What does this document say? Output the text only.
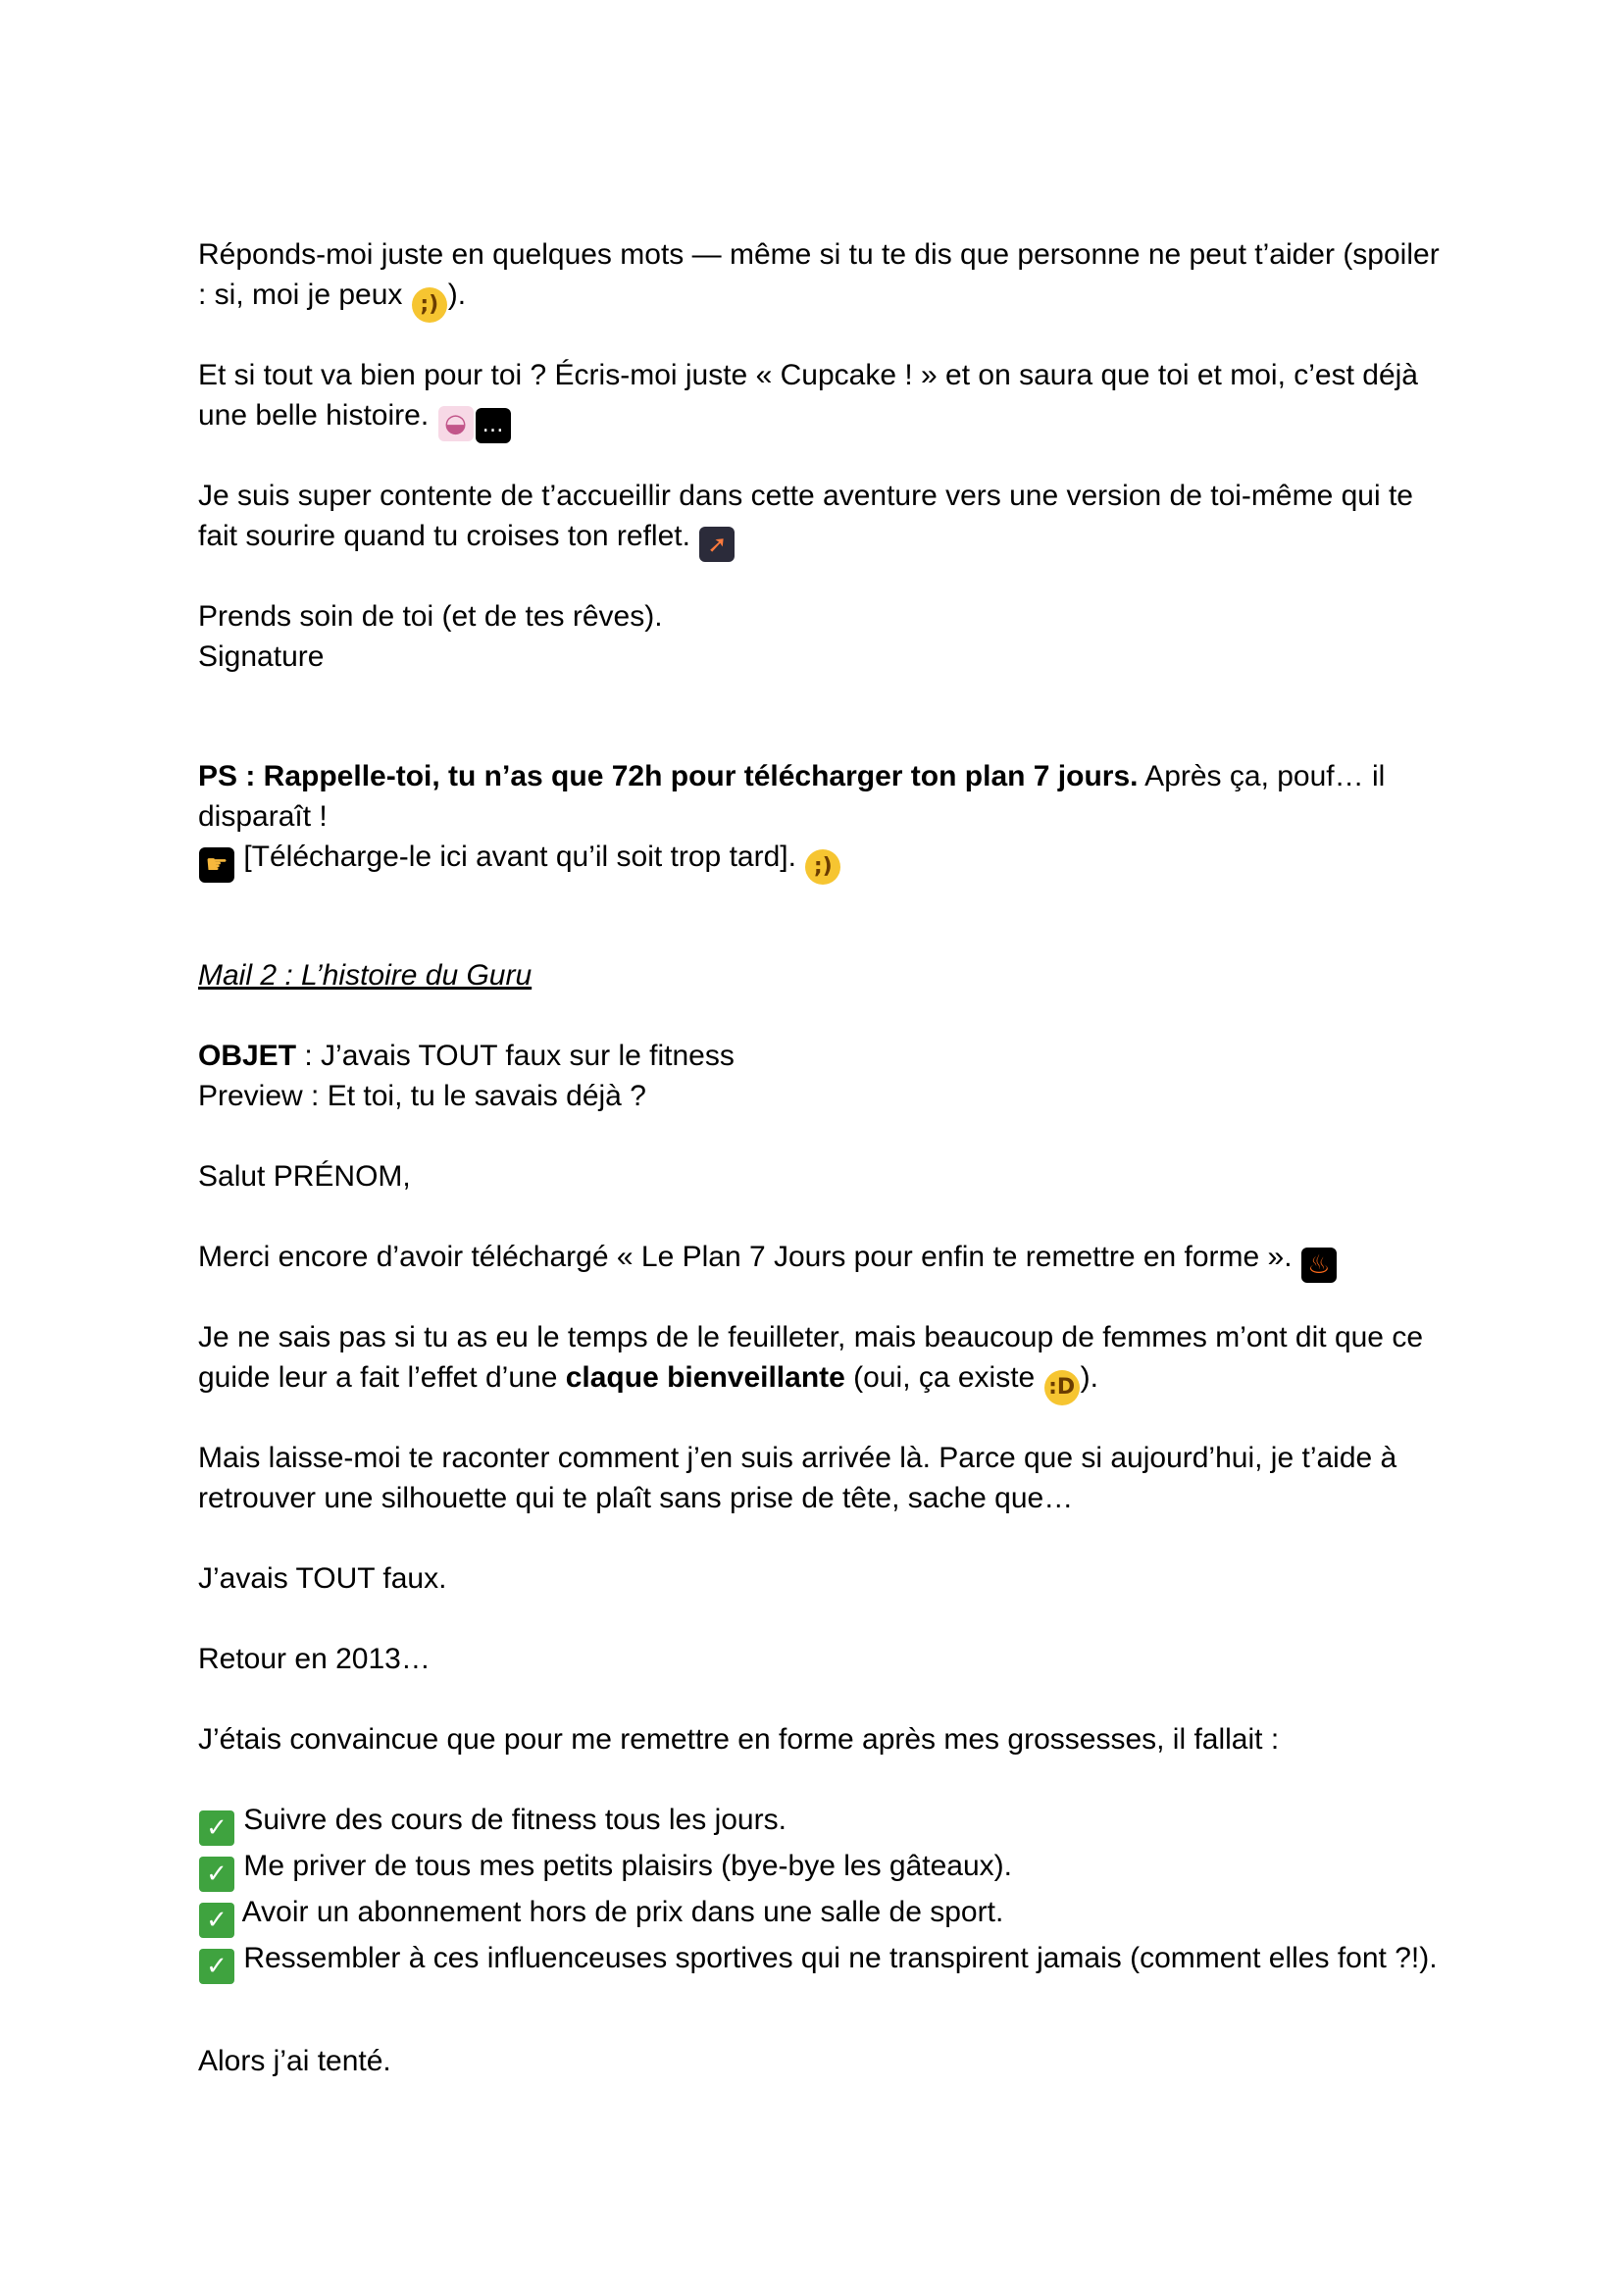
Réponds-moi juste en quelques mots — même si tu te dis que personne ne peut t’aider (spoiler : si, moi je peux ;) ).

Et si tout va bien pour toi ? Écris-moi juste « Cupcake ! » et on saura que toi et moi, c’est déjà une belle histoire. ◒ …

Je suis super contente de t’accueillir dans cette aventure vers une version de toi-même qui te fait sourire quand tu croises ton reflet. ➚

Prends soin de toi (et de tes rêves).
Signature

PS : Rappelle-toi, tu n’as que 72h pour télécharger ton plan 7 jours. Après ça, pouf… il disparaît !
☛ [Télécharge-le ici avant qu’il soit trop tard]. ;)

Mail 2 : L’histoire du Guru

OBJET : J’avais TOUT faux sur le fitness
Preview : Et toi, tu le savais déjà ?

Salut PRÉNOM,

Merci encore d’avoir téléchargé « Le Plan 7 Jours pour enfin te remettre en forme ». ♨

Je ne sais pas si tu as eu le temps de le feuilleter, mais beaucoup de femmes m’ont dit que ce guide leur a fait l’effet d’une claque bienveillante (oui, ça existe :D ).

Mais laisse-moi te raconter comment j’en suis arrivée là. Parce que si aujourd’hui, je t’aide à retrouver une silhouette qui te plaît sans prise de tête, sache que…

J’avais TOUT faux.

Retour en 2013…

J’étais convaincue que pour me remettre en forme après mes grossesses, il fallait :

✓ Suivre des cours de fitness tous les jours.
✓ Me priver de tous mes petits plaisirs (bye-bye les gâteaux).
✓ Avoir un abonnement hors de prix dans une salle de sport.
✓ Ressembler à ces influenceuses sportives qui ne transpirent jamais (comment elles font ?!).

Alors j’ai tenté.
